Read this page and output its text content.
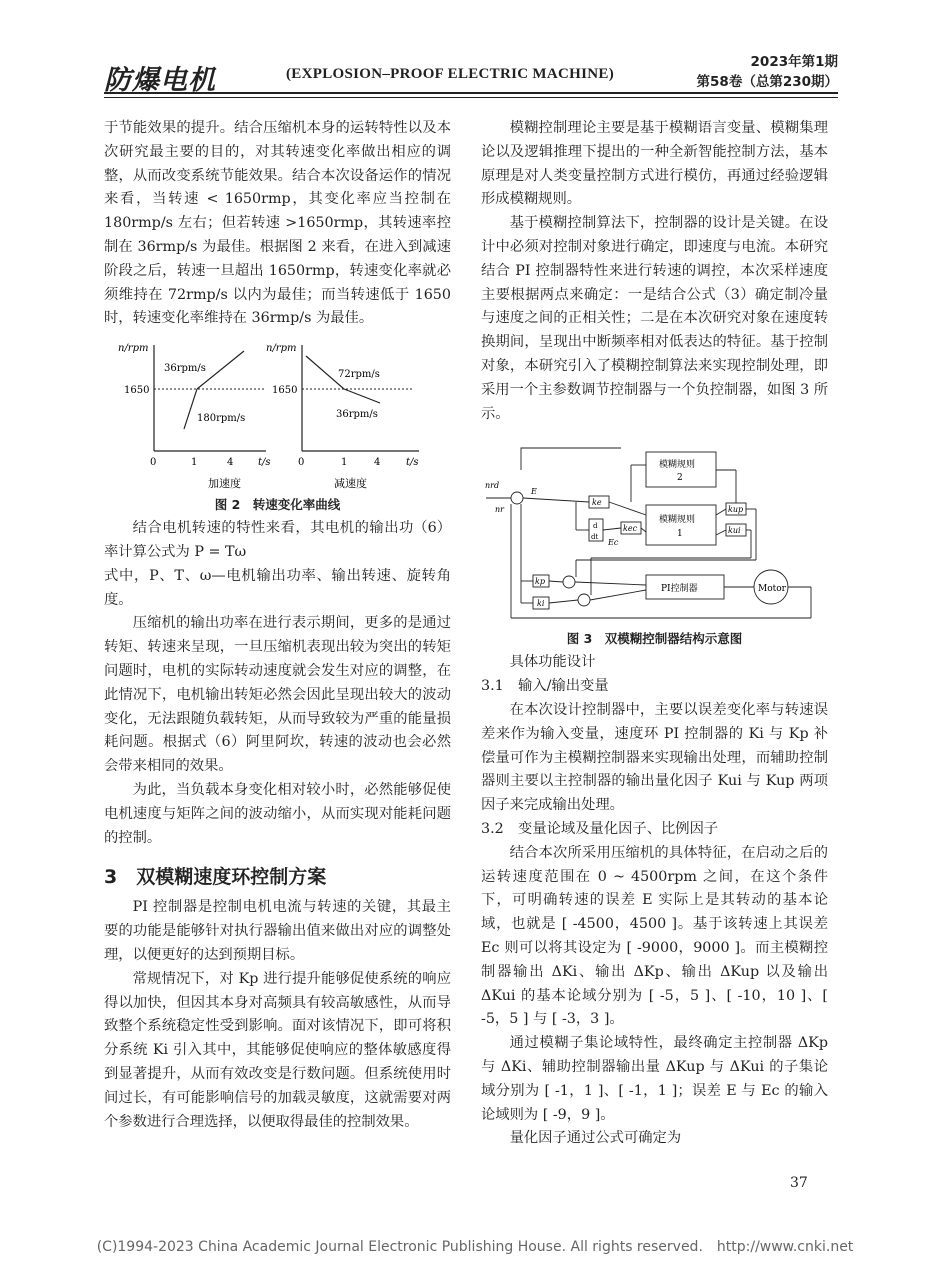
防爆电机	(EXPLOSION–PROOF ELECTRIC MACHINE)
2023年第1期
第58卷（总第230期）

于节能效果的提升。结合压缩机本身的运转特性以及本次研究最主要的目的，对其转速变化率做出相应的调整，从而改变系统节能效果。结合本次设备运作的情况来看，当转速 < 1650rmp，其变化率应当控制在 180rmp/s 左右；但若转速 >1650rmp，其转速率控制在 36rmp/s 为最佳。根据图 2 来看，在进入到减速阶段之后，转速一旦超出 1650rmp，转速变化率就必须维持在 72rmp/s 以内为最佳；而当转速低于 1650 时，转速变化率维持在 36rmp/s 为最佳。

n/rpm
1650
36rpm/s
180rpm/s
0	1	4 t/s
加速度
n/rpm
1650
72rpm/s
36rpm/s
0	1	4	t/s
减速度
图 2　转速变化率曲线
结合电机转速的特性来看，其电机的输出功率计算公式为 P = Tω
（6）

式中，P、T、ω—电机输出功率、输出转速、旋转角度。

压缩机的输出功率在进行表示期间，更多的是通过转矩、转速来呈现，一旦压缩机表现出较为突出的转矩问题时，电机的实际转动速度就会发生对应的调整，在此情况下，电机输出转矩必然会因此呈现出较大的波动变化，无法跟随负载转矩，从而导致较为严重的能量损耗问题。根据式（6）阿里阿坎，转速的波动也会必然会带来相同的效果。

为此，当负载本身变化相对较小时，必然能够促使电机速度与矩阵之间的波动缩小，从而实现对能耗问题的控制。

3　双模糊速度环控制方案

PI 控制器是控制电机电流与转速的关键，其最主要的功能是能够针对执行器输出值来做出对应的调整处理，以便更好的达到预期目标。

常规情况下，对 Kp 进行提升能够促使系统的响应得以加快，但因其本身对高频具有较高敏感性，从而导致整个系统稳定性受到影响。面对该情况下，即可将积分系统 Ki 引入其中，其能够促使响应的整体敏感度得到显著提升，从而有效改变是行数问题。但系统使用时间过长，有可能影响信号的加载灵敏度，这就需要对两个参数进行合理选择，以便取得最佳的控制效果。

模糊控制理论主要是基于模糊语言变量、模糊集理论以及逻辑推理下提出的一种全新智能控制方法，基本原理是对人类变量控制方式进行模仿，再通过经验逻辑形成模糊规则。

基于模糊控制算法下，控制器的设计是关键。在设计中必须对控制对象进行确定，即速度与电流。本研究结合 PI 控制器特性来进行转速的调控，本次采样速度主要根据两点来确定：一是结合公式（3）确定制冷量与速度之间的正相关性；二是在本次研究对象在速度转换期间，呈现出中断频率相对低表达的特征。基于控制对象，本研究引入了模糊控制算法来实现控制处理，即采用一个主参数调节控制器与一个负控制器，如图 3 所示。

模糊规则
2
模糊规则
1
PI控制器	Motor
ke
d
dt
kec
kup
kui
kp
ki
nrd
nr
E
Ec
图 3　双模糊控制器结构示意图

具体功能设计

3.1　输入/输出变量

在本次设计控制器中，主要以误差变化率与转速误差来作为输入变量，速度环 PI 控制器的 Ki 与 Kp 补偿量可作为主模糊控制器来实现输出处理，而辅助控制器则主要以主控制器的输出量化因子 Kui 与 Kup 两项因子来完成输出处理。

3.2　变量论域及量化因子、比例因子

结合本次所采用压缩机的具体特征，在启动之后的运转速度范围在 0 ~ 4500rpm 之间，在这个条件下，可明确转速的误差 E 实际上是其转动的基本论域，也就是 [ -4500，4500 ]。基于该转速上其误差 Ec 则可以将其设定为 [ -9000，9000 ]。而主模糊控制器输出 ΔKi、输出 ΔKp、输出 ΔKup 以及输出 ΔKui 的基本论域分别为 [ -5，5 ]、[ -10，10 ]、[ -5，5 ] 与 [ -3，3 ]。

通过模糊子集论域特性，最终确定主控制器 ΔKp 与 ΔKi、辅助控制器输出量 ΔKup 与 ΔKui 的子集论域分别为 [ -1，1 ]、[ -1，1 ]；误差 E 与 Ec 的输入论域则为 [ -9，9 ]。

量化因子通过公式可确定为

37
(C)1994-2023 China Academic Journal Electronic Publishing House. All rights reserved.　http://www.cnki.net
